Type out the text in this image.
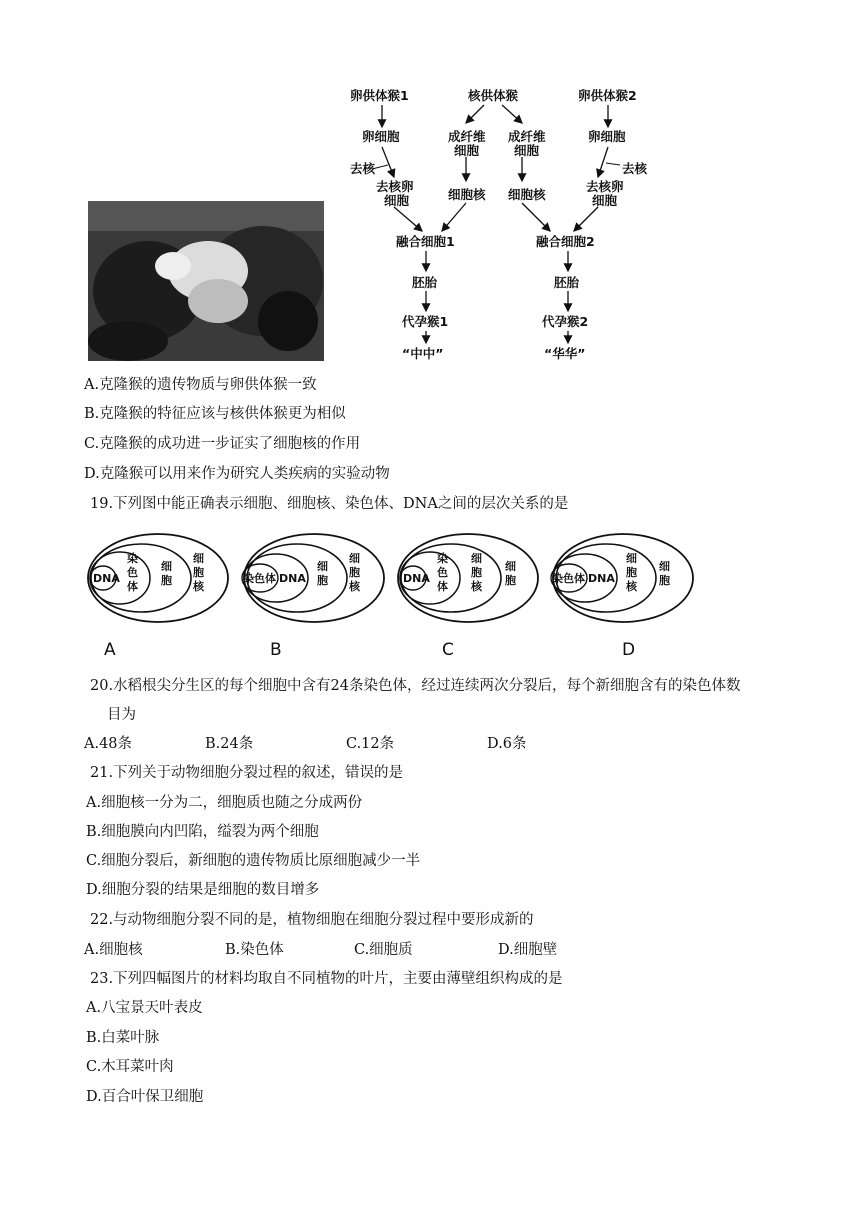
卵供体猴1	核供体猴	卵供体猴2
卵细胞	成纤维
细胞
成纤维
细胞
卵细胞
去核	去核
去核卵
细胞	细胞核 细胞核
去核卵
细胞
融合细胞1	融合细胞2
胚胎	胚胎
代孕猴1	代孕猴2
“中中”	“华华”
A.克隆猴的遗传物质与卵供体猴一致
B.克隆猴的特征应该与核供体猴更为相似
C.克隆猴的成功进一步证实了细胞核的作用
D.克隆猴可以用来作为研究人类疾病的实验动物
19.下列图中能正确表示细胞、细胞核、染色体、DNA之间的层次关系的是
DNA
染
色
体
细
胞
细
胞
核
染色体 DNA
细
胞
细
胞
核
DNA
染
色
体
细
胞
核
细
胞	染色体 DNA
细
胞
核
细
胞
A	B	C	D
20.水稻根尖分生区的每个细胞中含有24条染色体，经过连续两次分裂后，每个新细胞含有的染色体数
目为
A.48条	B.24条	C.12条	D.6条
21.下列关于动物细胞分裂过程的叙述，错误的是
A.细胞核一分为二，细胞质也随之分成两份
B.细胞膜向内凹陷，缢裂为两个细胞
C.细胞分裂后，新细胞的遗传物质比原细胞减少一半
D.细胞分裂的结果是细胞的数目增多
22.与动物细胞分裂不同的是，植物细胞在细胞分裂过程中要形成新的
A.细胞核	B.染色体	C.细胞质	D.细胞壁
23.下列四幅图片的材料均取自不同植物的叶片，主要由薄壁组织构成的是
A.八宝景天叶表皮
B.白菜叶脉
C.木耳菜叶肉
D.百合叶保卫细胞
